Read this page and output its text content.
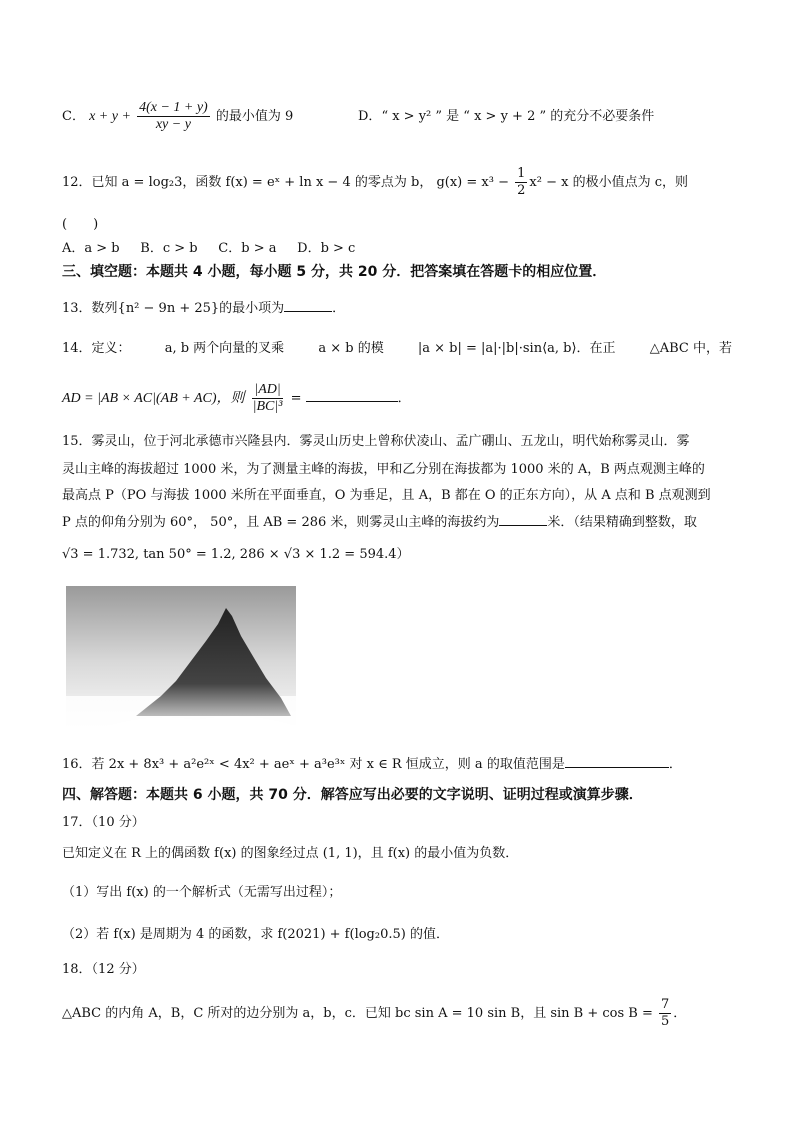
C． $x + y + \frac{4(x - 1 + y)}{xy - y}$ 的最小值为 9	D．“ x > y² ” 是 “ x > y + 2 ” 的充分不必要条件
12．已知 a = log₂3，函数 f(x) = eˣ + ln x − 4 的零点为 b， $g(x) = x^3 - \frac{1}{2} x^2 - x$ 的极小值点为 c，则
(　　)
A．a > b B．c > b C．b > a D．b > c
三、填空题：本题共 4 小题，每小题 5 分，共 20 分．把答案填在答题卡的相应位置．
13．数列{n² − 9n + 25}的最小项为	．
14．定义：	a, b 两个向量的叉乘	a × b 的模	|a × b| = |a|·|b|·sin⟨a, b⟩．在正	△ABC 中，若
AD = |AB × AC|(AB + AC)，则 $\frac{|AD|}{\text{|BC|³}}$ =	．
15．雾灵山，位于河北承德市兴隆县内．雾灵山历史上曾称伏凌山、孟广硼山、五龙山，明代始称雾灵山．雾
灵山主峰的海拔超过 1000 米，为了测量主峰的海拔，甲和乙分别在海拔都为 1000 米的 A，B 两点观测主峰的
最高点 P（PO 与海拔 1000 米所在平面垂直，O 为垂足，且 A，B 都在 O 的正东方向），从 A 点和 B 点观测到
P 点的仰角分别为 60°， 50°，且 AB = 286 米，则雾灵山主峰的海拔约为	米．（结果精确到整数，取
√3 = 1.732, tan 50° = 1.2, 286 × √3 × 1.2 = 594.4）
16．若 2x + 8x³ + a²e²ˣ < 4x² + aeˣ + a³e³ˣ 对 x ∈ R 恒成立，则 a 的取值范围是	．
四、解答题：本题共 6 小题，共 70 分．解答应写出必要的文字说明、证明过程或演算步骤．
17．（10 分）
已知定义在 R 上的偶函数 f(x) 的图象经过点 (1, 1)，且 f(x) 的最小值为负数．
（1）写出 f(x) 的一个解析式（无需写出过程）；
（2）若 f(x) 是周期为 4 的函数，求 f(2021) + f(log₂0.5) 的值．
18．（12 分）
△ABC 的内角 A，B，C 所对的边分别为 a，b，c．已知 bc sin A = 10 sin B，且 $\sin B + \cos B = \frac{7}{5}$ ．
